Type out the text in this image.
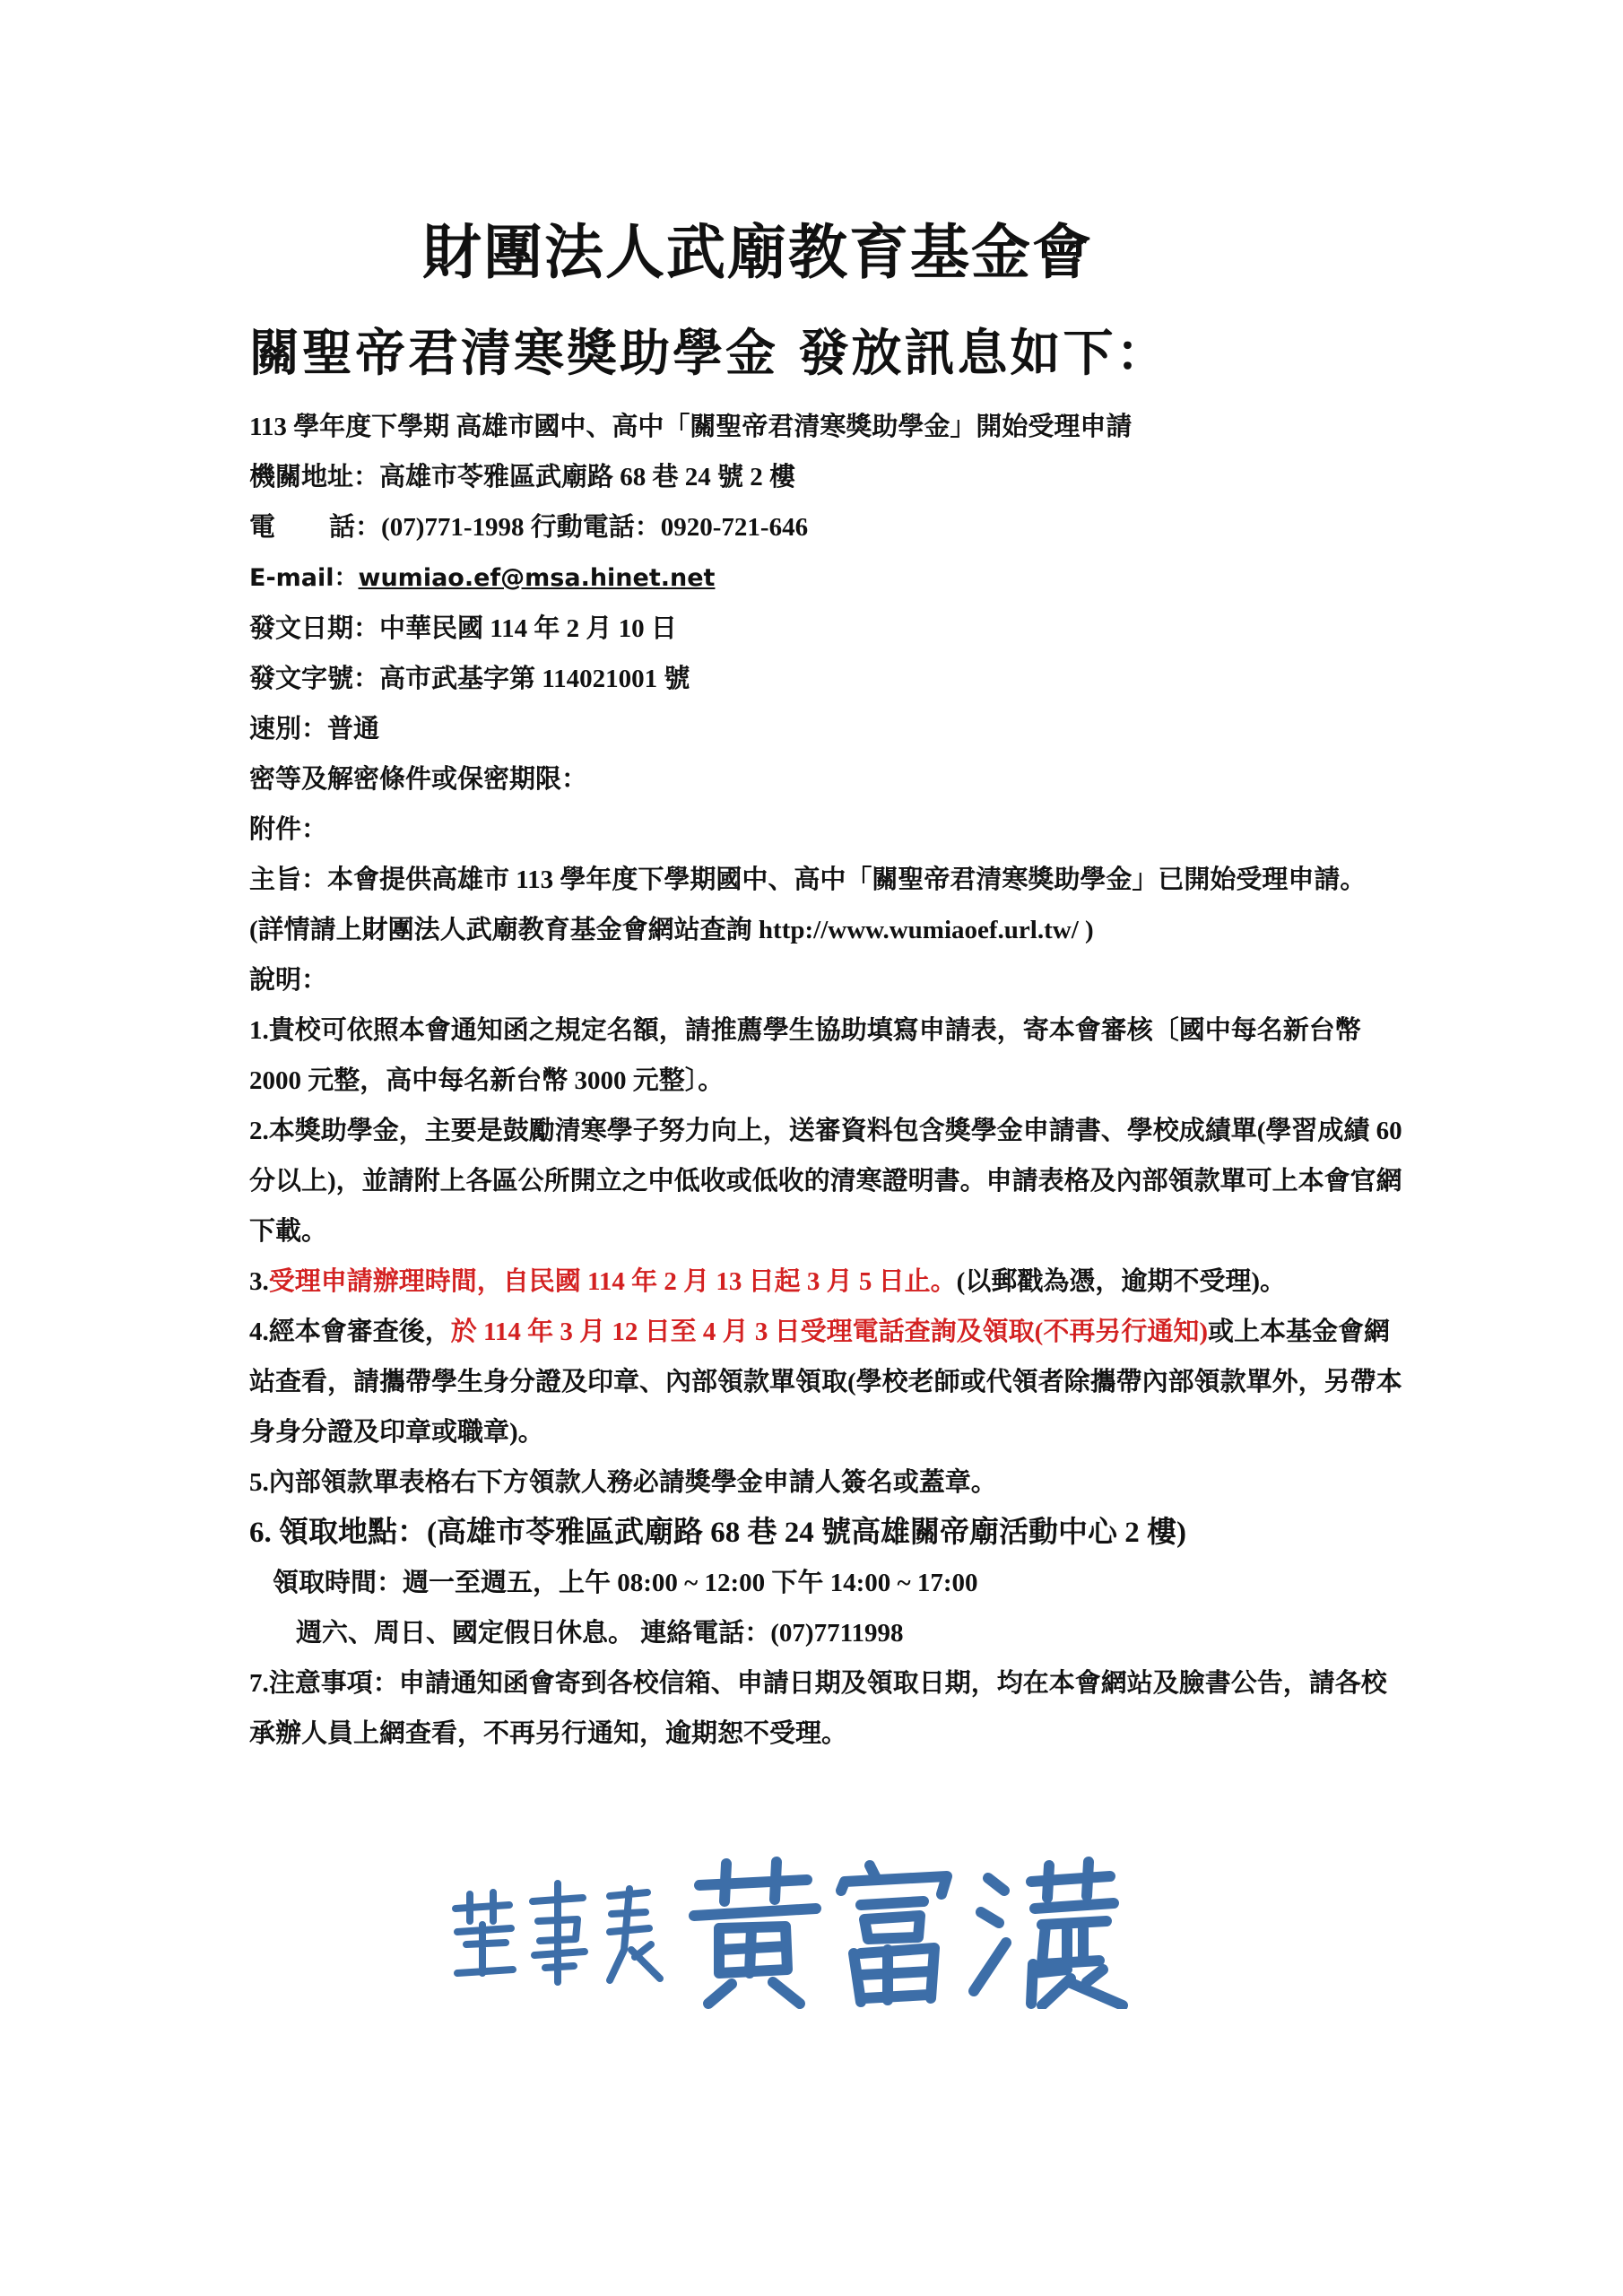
財團法人武廟教育基金會
關聖帝君清寒獎助學金 發放訊息如下：
113 學年度下學期 高雄市國中、高中「關聖帝君清寒獎助學金」開始受理申請
機關地址：高雄市苓雅區武廟路 68 巷 24 號 2 樓
電 話：(07)771-1998 行動電話：0920-721-646
E-mail：wumiao.ef@msa.hinet.net
發文日期：中華民國 114 年 2 月 10 日
發文字號：高市武基字第 114021001 號
速別：普通
密等及解密條件或保密期限：
附件：
主旨：本會提供高雄市 113 學年度下學期國中、高中「關聖帝君清寒獎助學金」已開始受理申請。
(詳情請上財團法人武廟教育基金會網站查詢 http://www.wumiaoef.url.tw/ )
說明：
1.貴校可依照本會通知函之規定名額，請推薦學生協助填寫申請表，寄本會審核〔國中每名新台幣 2000 元整，高中每名新台幣 3000 元整〕。
2.本獎助學金，主要是鼓勵清寒學子努力向上，送審資料包含獎學金申請書、學校成績單(學習成績 60 分以上)，並請附上各區公所開立之中低收或低收的清寒證明書。申請表格及內部領款單可上本會官網下載。
3.受理申請辦理時間，自民國 114 年 2 月 13 日起 3 月 5 日止。(以郵戳為憑，逾期不受理)。
4.經本會審查後，於 114 年 3 月 12 日至 4 月 3 日受理電話查詢及領取(不再另行通知)或上本基金會網站查看，請攜帶學生身分證及印章、內部領款單領取(學校老師或代領者除攜帶內部領款單外，另帶本身身分證及印章或職章)。
5.內部領款單表格右下方領款人務必請獎學金申請人簽名或蓋章。
6. 領取地點：(高雄市苓雅區武廟路 68 巷 24 號高雄關帝廟活動中心 2 樓)
領取時間：週一至週五，上午 08:00 ~ 12:00 下午 14:00 ~ 17:00
週六、周日、國定假日休息。 連絡電話：(07)7711998
7.注意事項：申請通知函會寄到各校信箱、申請日期及領取日期，均在本會網站及臉書公告，請各校承辦人員上網查看，不再另行通知，逾期恕不受理。
